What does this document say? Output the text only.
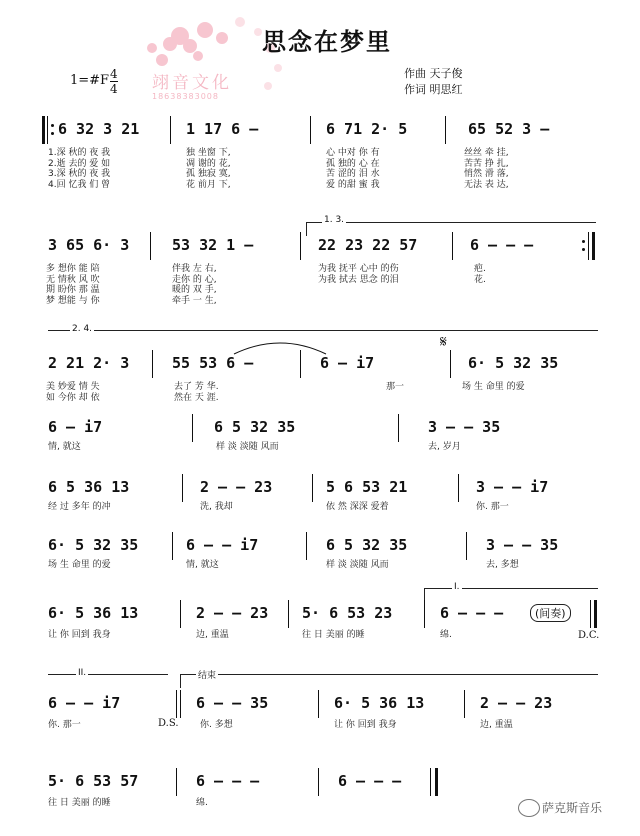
翊音文化
18638383008
思念在梦里
1=#F 4
4
作曲 天子俊
作词 明思红
6 32 3 21	1 17 6 –	6 71 2· 5	65 52 3 –
1.深 秋的 夜 我
2.逝 去的 爱 如
3.深 秋的 夜 我
4.回 忆我 们 曾
独 坐窗 下,
凋 谢的 花,
孤 独寂 寞,
花 前月 下,
心 中对 你 有
孤 独的 心 在
苦 涩的 泪 水
爱 的甜 蜜 我
丝丝 牵 挂,
苦苦 挣 扎,
悄然 滑 落,
无法 表 达,
1. 3.
3 65 6· 3	53 32 1 –	22 23 22 57	6 – – –
多 想你 能 陪
无 情秋 风 吹
期 盼你 那 温
梦 想能 与 你
伴我 左 右,
走你 的 心,
暖的 双 手,
牵手 一 生,
为我 抚平 心中 的伤
为我 拭去 思念 的泪
疤.
花.
2. 4.
𝄋
2 21 2· 3	55 53 6 –	6 – i7	6· 5 32 35
美 妙爱 情 失
如 今你 却 依
去了 芳 华.
然在 天 涯.
那一	场 生 命里 的爱
6 – i7	6 5 32 35	3 – – 35
情, 就这	样 淡 淡随 风而	去, 岁月
6 5 36 13	2 – – 23	5 6 53 21	3 – – i7
经 过 多年 的冲	洗, 我却	依 然 深深 爱着	你. 那一
6· 5 32 35	6 – – i7	6 5 32 35	3 – – 35
场 生 命里 的爱	情, 就这	样 淡 淡随 风而	去, 多想
I.
6· 5 36 13	2 – – 23 5· 6 53 23	6 – – –	(间奏)
D.C.
让 你 回到 我身	边, 重温	往 日 美丽 的睡	绵.
II.	结束
6 – – i7	6 – – 35	6· 5 36 13	2 – – 23
你. 那一	D.S. 你. 多想	让 你 回到 我身	边, 重温
5· 6 53 57	6 – – –	6 – – –
往 日 美丽 的睡	绵.	萨克斯音乐
